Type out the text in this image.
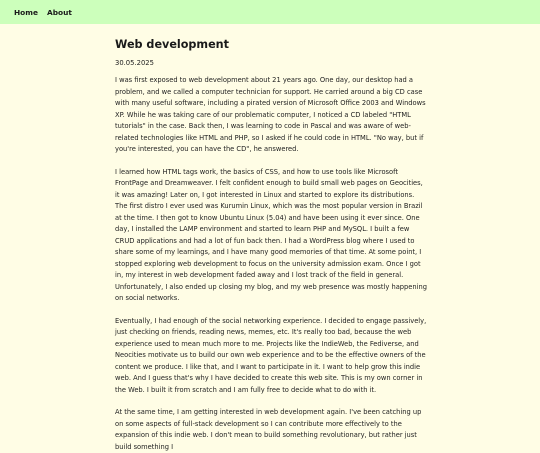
Home About
Web development

30.05.2025

I was first exposed to web development about 21 years ago. One day, our desktop had a problem, and we called a computer technician for support. He carried around a big CD case with many useful software, including a pirated version of Microsoft Office 2003 and Windows XP. While he was taking care of our problematic computer, I noticed a CD labeled "HTML tutorials" in the case. Back then, I was learning to code in Pascal and was aware of web-related technologies like HTML and PHP, so I asked if he could code in HTML. "No way, but if you're interested, you can have the CD", he answered.

I learned how HTML tags work, the basics of CSS, and how to use tools like Microsoft FrontPage and Dreamweaver. I felt confident enough to build small web pages on Geocities, it was amazing! Later on, I got interested in Linux and started to explore its distributions. The first distro I ever used was Kurumin Linux, which was the most popular version in Brazil at the time. I then got to know Ubuntu Linux (5.04) and have been using it ever since. One day, I installed the LAMP environment and started to learn PHP and MySQL. I built a few CRUD applications and had a lot of fun back then. I had a WordPress blog where I used to share some of my learnings, and I have many good memories of that time. At some point, I stopped exploring web development to focus on the university admission exam. Once I got in, my interest in web development faded away and I lost track of the field in general. Unfortunately, I also ended up closing my blog, and my web presence was mostly happening on social networks.

Eventually, I had enough of the social networking experience. I decided to engage passively, just checking on friends, reading news, memes, etc. It's really too bad, because the web experience used to mean much more to me. Projects like the IndieWeb, the Fediverse, and Neocities motivate us to build our own web experience and to be the effective owners of the content we produce. I like that, and I want to participate in it. I want to help grow this indie web. And I guess that's why I have decided to create this web site. This is my own corner in the Web. I built it from scratch and I am fully free to decide what to do with it.

At the same time, I am getting interested in web development again. I've been catching up on some aspects of full-stack development so I can contribute more effectively to the expansion of this indie web. I don't mean to build something revolutionary, but rather just build something I
